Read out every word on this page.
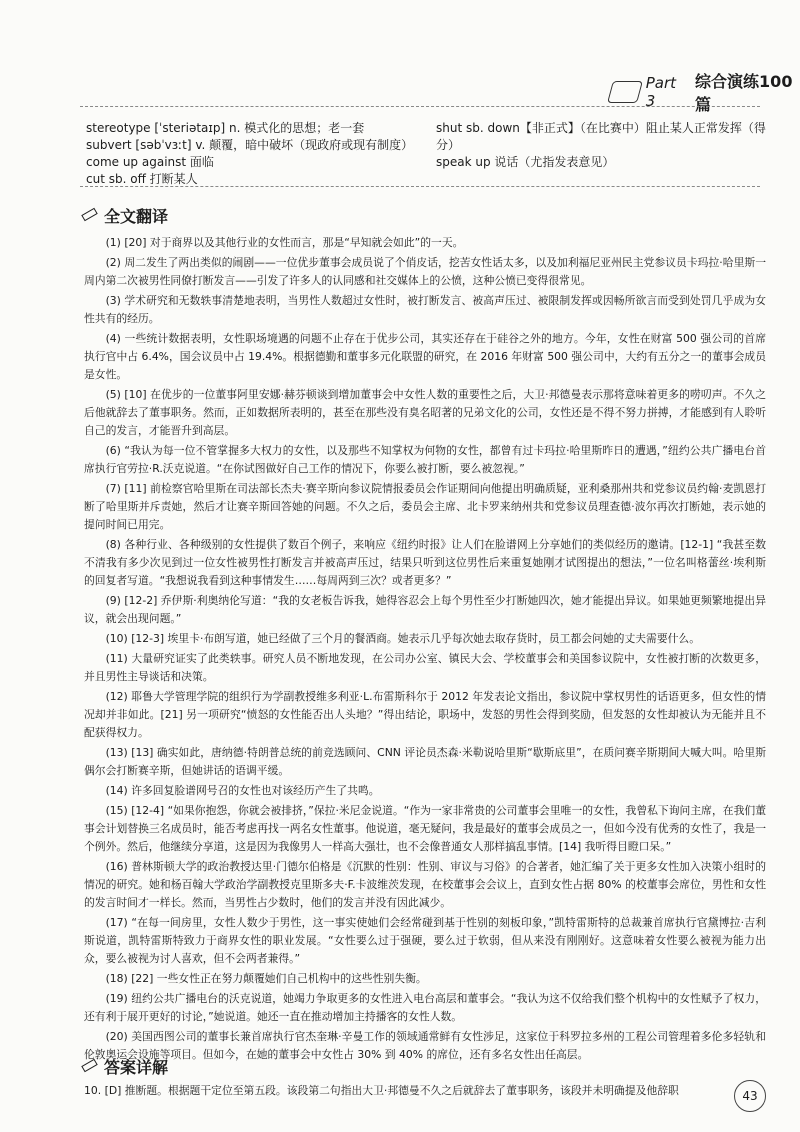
Part 3
综合演练100篇
stereotype [ˈsteriətaɪp] n. 模式化的思想；老一套
subvert [səbˈvɜːt] v. 颠覆，暗中破坏（现政府或现有制度）
come up against 面临
cut sb. off 打断某人
shut sb. down【非正式】（在比赛中）阻止某人正常发挥（得分）
speak up 说话（尤指发表意见）
全文翻译

(1) [20] 对于商界以及其他行业的女性而言，那是“早知就会如此”的一天。

(2) 周二发生了两出类似的闹剧——一位优步董事会成员说了个俏皮话，挖苦女性话太多，以及加利福尼亚州民主党参议员卡玛拉·哈里斯一周内第二次被男性同僚打断发言——引发了许多人的认同感和社交媒体上的公愤，这种公愤已变得很常见。

(3) 学术研究和无数轶事清楚地表明，当男性人数超过女性时，被打断发言、被高声压过、被限制发挥或因畅所欲言而受到处罚几乎成为女性共有的经历。

(4) 一些统计数据表明，女性职场境遇的问题不止存在于优步公司，其实还存在于硅谷之外的地方。今年，女性在财富 500 强公司的首席执行官中占 6.4%，国会议员中占 19.4%。根据德勤和董事多元化联盟的研究，在 2016 年财富 500 强公司中，大约有五分之一的董事会成员是女性。

(5) [10] 在优步的一位董事阿里安娜·赫芬顿谈到增加董事会中女性人数的重要性之后，大卫·邦德曼表示那将意味着更多的唠叨声。不久之后他就辞去了董事职务。然而，正如数据所表明的，甚至在那些没有臭名昭著的兄弟文化的公司，女性还是不得不努力拼搏，才能感到有人聆听自己的发言，才能晋升到高层。

(6) “我认为每一位不管掌握多大权力的女性，以及那些不知掌权为何物的女性，都曾有过卡玛拉·哈里斯昨日的遭遇，”纽约公共广播电台首席执行官劳拉·R.沃克说道。“在你试图做好自己工作的情况下，你要么被打断，要么被忽视。”

(7) [11] 前检察官哈里斯在司法部长杰夫·赛辛斯向参议院情报委员会作证期间向他提出明确质疑，亚利桑那州共和党参议员约翰·麦凯恩打断了哈里斯并斥责她，然后才让赛辛斯回答她的问题。不久之后，委员会主席、北卡罗来纳州共和党参议员理查德·波尔再次打断她，表示她的提问时间已用完。

(8) 各种行业、各种级别的女性提供了数百个例子，来响应《纽约时报》让人们在脸谱网上分享她们的类似经历的邀请。[12-1] “我甚至数不清我有多少次见到过一位女性被男性打断发言并被高声压过，结果只听到这位男性后来重复她刚才试图提出的想法，”一位名叫格蕾丝·埃利斯的回复者写道。“我想说我看到这种事情发生……每周两到三次？或者更多？”

(9) [12-2] 乔伊斯·利奥纳伦写道：“我的女老板告诉我，她得容忍会上每个男性至少打断她四次，她才能提出异议。如果她更频繁地提出异议，就会出现问题。”

(10) [12-3] 埃里卡·布朗写道，她已经做了三个月的餐酒商。她表示几乎每次她去取存货时，员工都会问她的丈夫需要什么。

(11) 大量研究证实了此类轶事。研究人员不断地发现，在公司办公室、镇民大会、学校董事会和美国参议院中，女性被打断的次数更多，并且男性主导谈话和决策。

(12) 耶鲁大学管理学院的组织行为学副教授维多利亚·L.布雷斯科尔于 2012 年发表论文指出，参议院中掌权男性的话语更多，但女性的情况却并非如此。[21] 另一项研究“愤怒的女性能否出人头地？”得出结论，职场中，发怒的男性会得到奖励，但发怒的女性却被认为无能并且不配获得权力。

(13) [13] 确实如此，唐纳德·特朗普总统的前竞选顾问、CNN 评论员杰森·米勒说哈里斯“歇斯底里”，在质问赛辛斯期间大喊大叫。哈里斯偶尔会打断赛辛斯，但她讲话的语调平缓。

(14) 许多回复脸谱网号召的女性也对该经历产生了共鸣。

(15) [12-4] “如果你抱怨，你就会被排挤，”保拉·米尼金说道。“作为一家非常贵的公司董事会里唯一的女性，我曾私下询问主席，在我们董事会计划替换三名成员时，能否考虑再找一两名女性董事。他说道，毫无疑问，我是最好的董事会成员之一，但如今没有优秀的女性了，我是一个例外。然后，他继续分享道，这是因为我像男人一样高大强壮，也不会像普通女人那样搞乱事情。[14] 我听得目瞪口呆。”

(16) 普林斯顿大学的政治教授达里·门德尔伯格是《沉默的性别：性别、审议与习俗》的合著者，她汇编了关于更多女性加入决策小组时的情况的研究。她和杨百翰大学政治学副教授克里斯多夫·F.卡波维茨发现，在校董事会会议上，直到女性占据 80% 的校董事会席位，男性和女性的发言时间才一样长。然而，当男性占少数时，他们的发言并没有因此减少。

(17) “在每一间房里，女性人数少于男性，这一事实使她们会经常碰到基于性别的刻板印象，”凯特雷斯特的总裁兼首席执行官黛博拉·吉利斯说道，凯特雷斯特致力于商界女性的职业发展。“女性要么过于强硬，要么过于软弱，但从来没有刚刚好。这意味着女性要么被视为能力出众，要么被视为讨人喜欢，但不会两者兼得。”

(18) [22] 一些女性正在努力颠覆她们自己机构中的这些性别失衡。

(19) 纽约公共广播电台的沃克说道，她竭力争取更多的女性进入电台高层和董事会。“我认为这不仅给我们整个机构中的女性赋予了权力，还有利于展开更好的讨论，”她说道。她还一直在推动增加主持播客的女性人数。

(20) 美国西图公司的董事长兼首席执行官杰奎琳·辛曼工作的领域通常鲜有女性涉足，这家位于科罗拉多州的工程公司管理着多伦多轻轨和伦敦奥运会设施等项目。但如今，在她的董事会中女性占 30% 到 40% 的席位，还有多名女性出任高层。

答案详解
10. [D] 推断题。根据题干定位至第五段。该段第二句指出大卫·邦德曼不久之后就辞去了董事职务，该段并未明确提及他辞职	43
